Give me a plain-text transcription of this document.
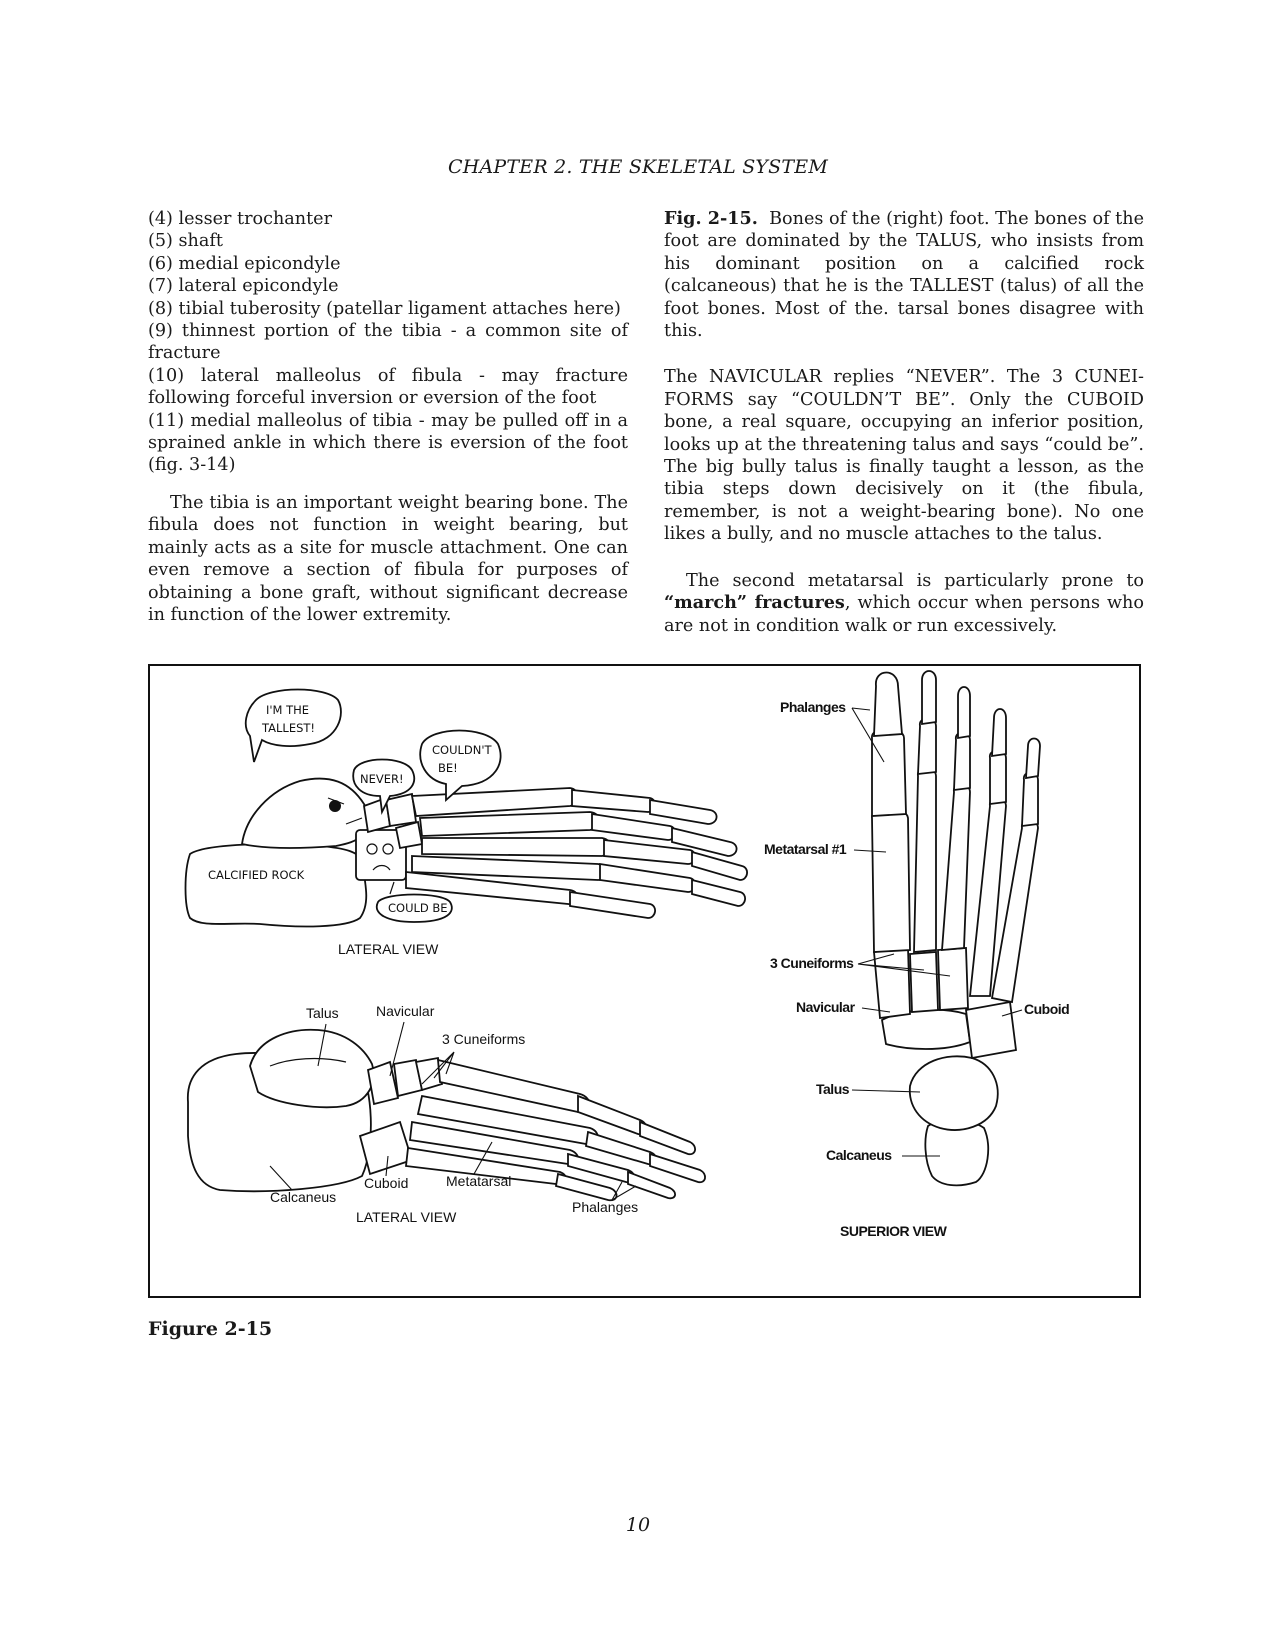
CHAPTER 2. THE SKELETAL SYSTEM

(4) lesser trochanter

(5) shaft

(6) medial epicondyle

(7) lateral epicondyle

(8) tibial tuberosity (patellar ligament attaches here)

(9) thinnest portion of the tibia - a common site of fracture

(10) lateral malleolus of fibula - may fracture following forceful inversion or eversion of the foot

(11) medial malleolus of tibia - may be pulled off in a sprained ankle in which there is eversion of the foot (fig. 3-14)

The tibia is an important weight bearing bone. The fibula does not function in weight bearing, but mainly acts as a site for muscle attachment. One can even remove a section of fibula for purposes of obtaining a bone graft, without significant decrease in function of the lower extremity.

Fig. 2-15. Bones of the (right) foot. The bones of the foot are dominated by the TALUS, who insists from his dominant position on a calcified rock (calcaneous) that he is the TALLEST (talus) of all the foot bones. Most of the. tarsal bones disagree with this.

The NAVICULAR replies “NEVER”. The 3 CUNEI-FORMS say “COULDN’T BE”. Only the CUBOID bone, a real square, occupying an inferior position, looks up at the threatening talus and says “could be”. The big bully talus is finally taught a lesson, as the tibia steps down decisively on it (the fibula, remember, is not a weight-bearing bone). No one likes a bully, and no muscle attaches to the talus.

The second metatarsal is particularly prone to “march” fractures, which occur when persons who are not in condition walk or run excessively.

CALCIFIED ROCK
I'M THE
TALLEST!
NEVER!
COULDN'T
BE!
COULD BE
LATERAL VIEW
Talus	Navicular
3 Cuneiforms
Calcaneus
Cuboid	Metatarsal
Phalanges
LATERAL VIEW
Phalanges
Metatarsal #1
3 Cuneiforms
Navicular	Cuboid
Talus
Calcaneus
SUPERIOR VIEW
Figure 2-15
10
